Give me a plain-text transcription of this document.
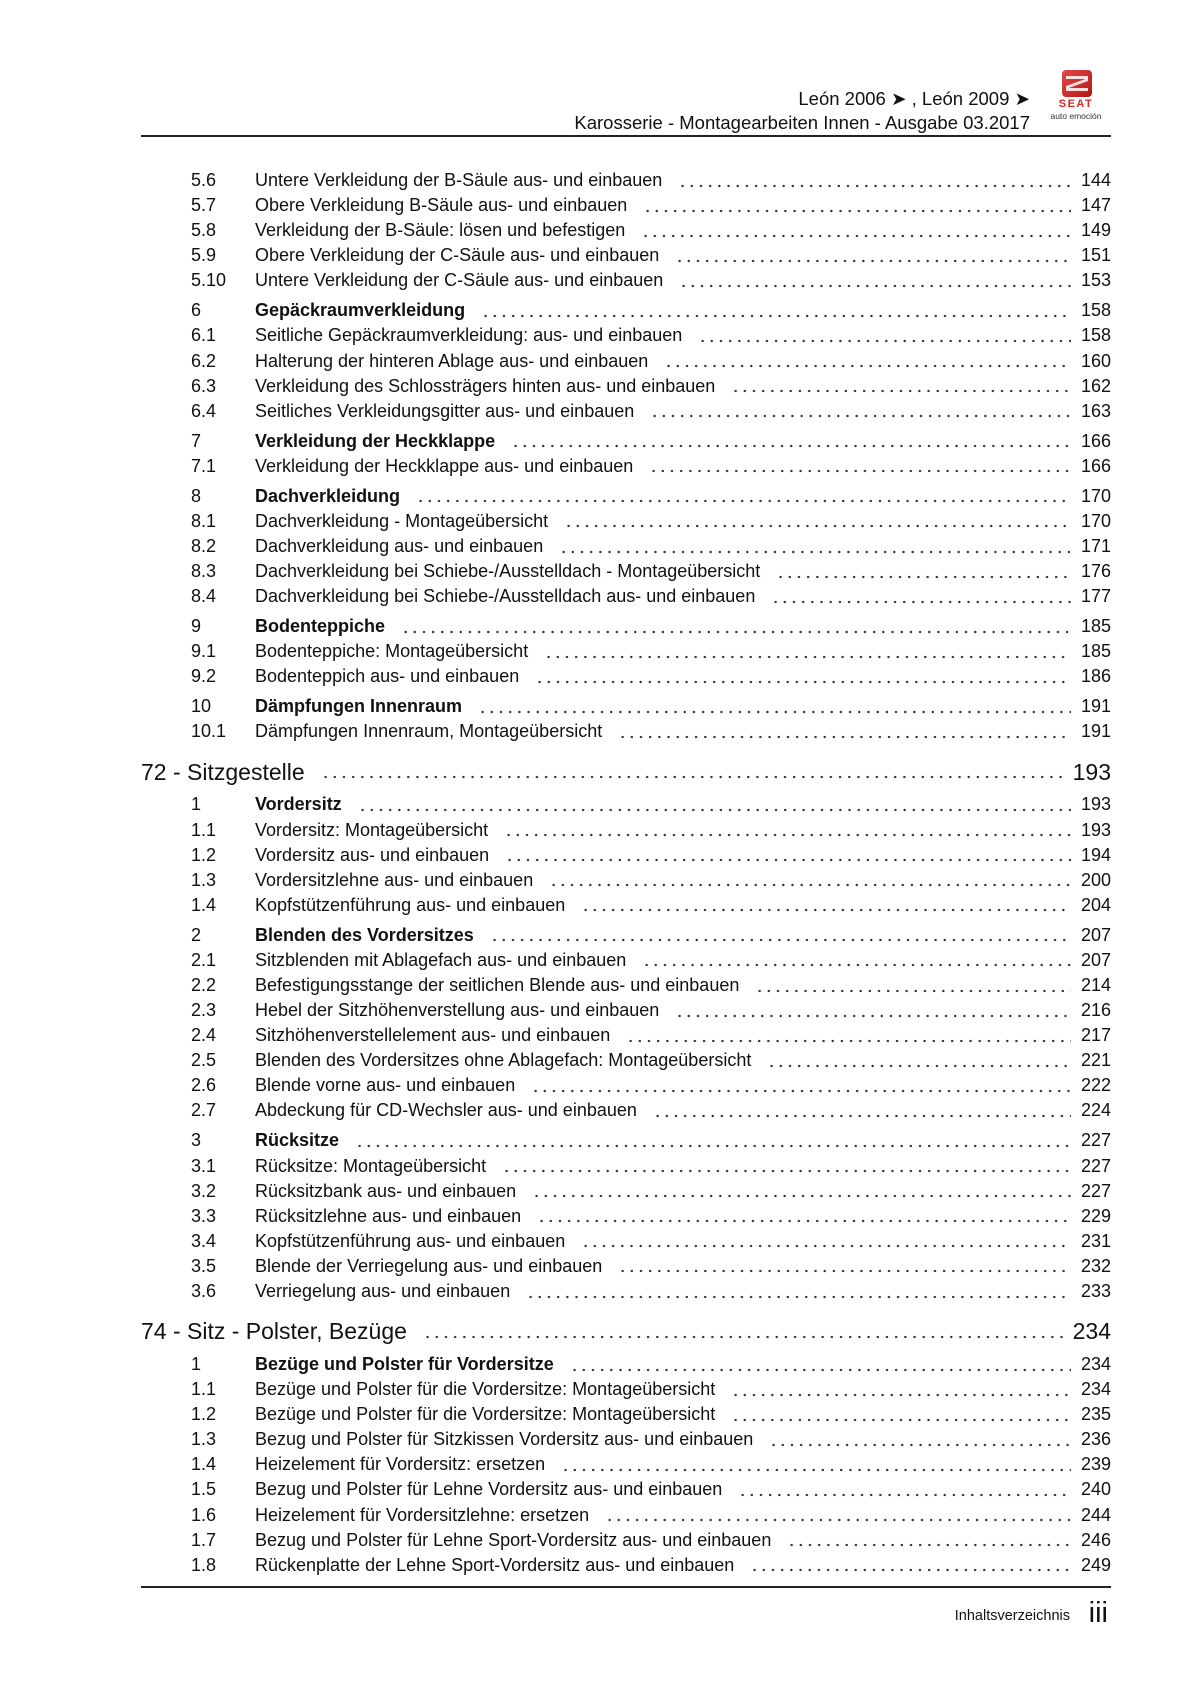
León 2006 ➤ , León 2009 ➤
Karosserie - Montagearbeiten Innen - Ausgabe 03.2017
SEAT
auto emoción
5.6	Untere Verkleidung der B-Säule aus- und einbauen	144
5.7	Obere Verkleidung B-Säule aus- und einbauen	147
5.8	Verkleidung der B-Säule: lösen und befestigen	149
5.9	Obere Verkleidung der C-Säule aus- und einbauen	151
5.10	Untere Verkleidung der C-Säule aus- und einbauen	153
6	Gepäckraumverkleidung	158
6.1	Seitliche Gepäckraumverkleidung: aus- und einbauen	158
6.2	Halterung der hinteren Ablage aus- und einbauen	160
6.3	Verkleidung des Schlossträgers hinten aus- und einbauen	162
6.4	Seitliches Verkleidungsgitter aus- und einbauen	163
7	Verkleidung der Heckklappe	166
7.1	Verkleidung der Heckklappe aus- und einbauen	166
8	Dachverkleidung	170
8.1	Dachverkleidung - Montageübersicht	170
8.2	Dachverkleidung aus- und einbauen	171
8.3	Dachverkleidung bei Schiebe-/Ausstelldach - Montageübersicht	176
8.4	Dachverkleidung bei Schiebe-/Ausstelldach aus- und einbauen	177
9	Bodenteppiche	185
9.1	Bodenteppiche: Montageübersicht	185
9.2	Bodenteppich aus- und einbauen	186
10	Dämpfungen Innenraum	191
10.1	Dämpfungen Innenraum, Montageübersicht	191
72 - Sitzgestelle	193
1	Vordersitz	193
1.1	Vordersitz: Montageübersicht	193
1.2	Vordersitz aus- und einbauen	194
1.3	Vordersitzlehne aus- und einbauen	200
1.4	Kopfstützenführung aus- und einbauen	204
2	Blenden des Vordersitzes	207
2.1	Sitzblenden mit Ablagefach aus- und einbauen	207
2.2	Befestigungsstange der seitlichen Blende aus- und einbauen	214
2.3	Hebel der Sitzhöhenverstellung aus- und einbauen	216
2.4	Sitzhöhenverstellelement aus- und einbauen	217
2.5	Blenden des Vordersitzes ohne Ablagefach: Montageübersicht	221
2.6	Blende vorne aus- und einbauen	222
2.7	Abdeckung für CD-Wechsler aus- und einbauen	224
3	Rücksitze	227
3.1	Rücksitze: Montageübersicht	227
3.2	Rücksitzbank aus- und einbauen	227
3.3	Rücksitzlehne aus- und einbauen	229
3.4	Kopfstützenführung aus- und einbauen	231
3.5	Blende der Verriegelung aus- und einbauen	232
3.6	Verriegelung aus- und einbauen	233
74 - Sitz - Polster, Bezüge	234
1	Bezüge und Polster für Vordersitze	234
1.1	Bezüge und Polster für die Vordersitze: Montageübersicht	234
1.2	Bezüge und Polster für die Vordersitze: Montageübersicht	235
1.3	Bezug und Polster für Sitzkissen Vordersitz aus- und einbauen	236
1.4	Heizelement für Vordersitz: ersetzen	239
1.5	Bezug und Polster für Lehne Vordersitz aus- und einbauen	240
1.6	Heizelement für Vordersitzlehne: ersetzen	244
1.7	Bezug und Polster für Lehne Sport-Vordersitz aus- und einbauen	246
1.8	Rückenplatte der Lehne Sport-Vordersitz aus- und einbauen	249
Inhaltsverzeichnis iii
